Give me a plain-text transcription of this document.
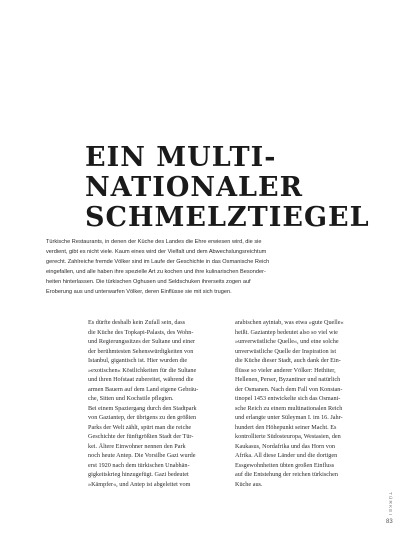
EIN MULTI-
NATIONALER
SCHMELZTIEGEL
Türkische Restaurants, in denen der Küche des Landes die Ehre erwiesen wird, die sie
verdient, gibt es nicht viele. Kaum eines wird der Vielfalt und dem Abwechslungsreichtum
gerecht. Zahlreiche fremde Völker sind im Laufe der Geschichte in das Osmanische Reich
eingefallen, und alle haben ihre spezielle Art zu kochen und ihre kulinarischen Besonder-
heiten hinterlassen. Die türkischen Oghusen und Seldschuken ihrerseits zogen auf
Eroberung aus und unterwarfen Völker, deren Einflüsse sie mit sich trugen.
Es dürfte deshalb kein Zufall sein, dass
die Küche des Topkapi-Palasts, des Wohn-
und Regierungssitzes der Sultane und einer
der berühmtesten Sehenswürdigkeiten von
Istanbul, gigantisch ist. Hier wurden die
»exotischen« Köstlichkeiten für die Sultane
und ihren Hofstaat zubereitet, während die
armen Bauern auf dem Land eigene Gebräu-
che, Sitten und Kochstile pflegten.
Bei einem Spaziergang durch den Stadtpark
von Gaziantep, der übrigens zu den größten
Parks der Welt zählt, spürt man die reiche
Geschichte der fünftgrößten Stadt der Tür-
kei. Ältere Einwohner nennen den Park
noch heute Antep. Die Vorsilbe Gazi wurde
erst 1920 nach dem türkischen Unabhän-
gigkeitskrieg hinzugefügt. Gazi bedeutet
»Kämpfer«, und Antep ist abgeleitet vom
arabischen ayintab, was etwa »gute Quelle«
heißt. Gaziantep bedeutet also so viel wie
»unverwüstliche Quelle«, und eine solche
unverwüstliche Quelle der Inspiration ist
die Küche dieser Stadt, auch dank der Ein-
flüsse so vieler anderer Völker: Hethiter,
Hellenen, Perser, Byzantiner und natürlich
der Osmanen. Nach dem Fall von Konstan-
tinopel 1453 entwickelte sich das Osmani-
sche Reich zu einem multinationalen Reich
und erlangte unter Süleyman I. im 16. Jahr-
hundert den Höhepunkt seiner Macht. Es
kontrollierte Südosteuropa, Westasien, den
Kaukasus, Nordafrika und das Horn von
Afrika. All diese Länder und die dortigen
Essgewohnheiten übten großen Einfluss
auf die Entstehung der reichen türkischen
Küche aus.
TÜRKEI
83
